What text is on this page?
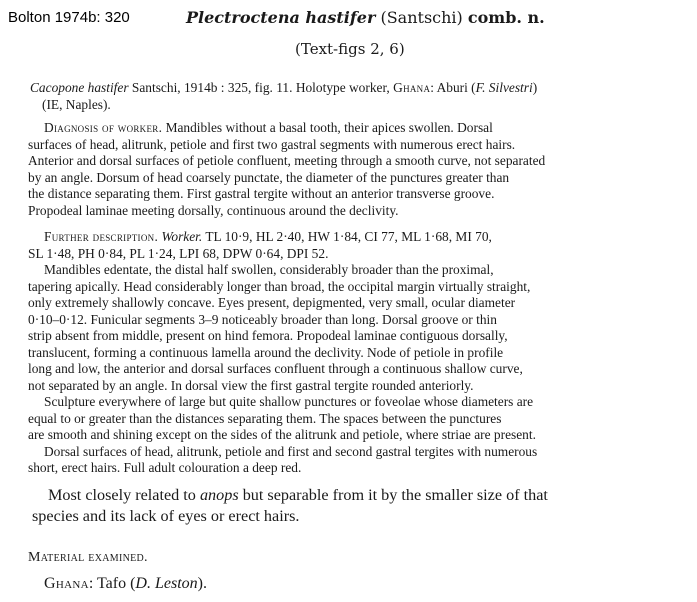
Bolton 1974b: 320	Plectroctena hastifer (Santschi) comb. n.
(Text-figs 2, 6)
Cacopone hastifer Santschi, 1914b : 325, fig. 11. Holotype worker, Ghana: Aburi (F. Silvestri)
(IE, Naples).
Diagnosis of worker. Mandibles without a basal tooth, their apices swollen. Dorsal
surfaces of head, alitrunk, petiole and first two gastral segments with numerous erect hairs.
Anterior and dorsal surfaces of petiole confluent, meeting through a smooth curve, not separated
by an angle. Dorsum of head coarsely punctate, the diameter of the punctures greater than
the distance separating them. First gastral tergite without an anterior transverse groove.
Propodeal laminae meeting dorsally, continuous around the declivity.
Further description. Worker. TL 10·9, HL 2·40, HW 1·84, CI 77, ML 1·68, MI 70,
SL 1·48, PH 0·84, PL 1·24, LPI 68, DPW 0·64, DPI 52.
Mandibles edentate, the distal half swollen, considerably broader than the proximal,
tapering apically. Head considerably longer than broad, the occipital margin virtually straight,
only extremely shallowly concave. Eyes present, depigmented, very small, ocular diameter
0·10–0·12. Funicular segments 3–9 noticeably broader than long. Dorsal groove or thin
strip absent from middle, present on hind femora. Propodeal laminae contiguous dorsally,
translucent, forming a continuous lamella around the declivity. Node of petiole in profile
long and low, the anterior and dorsal surfaces confluent through a continuous shallow curve,
not separated by an angle. In dorsal view the first gastral tergite rounded anteriorly.
Sculpture everywhere of large but quite shallow punctures or foveolae whose diameters are
equal to or greater than the distances separating them. The spaces between the punctures
are smooth and shining except on the sides of the alitrunk and petiole, where striae are present.
Dorsal surfaces of head, alitrunk, petiole and first and second gastral tergites with numerous
short, erect hairs. Full adult colouration a deep red.
Most closely related to anops but separable from it by the smaller size of that
species and its lack of eyes or erect hairs.
Material examined.
Ghana: Tafo (D. Leston).
